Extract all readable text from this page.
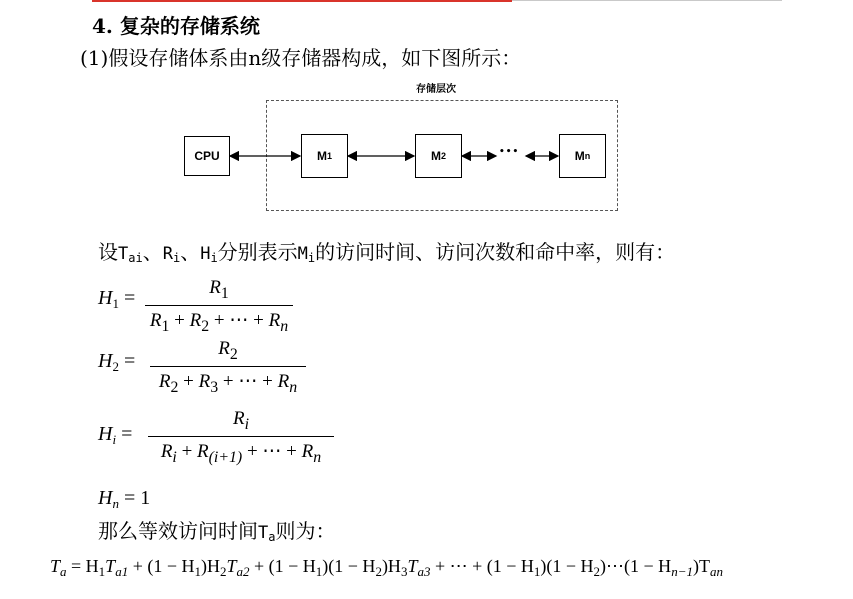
4. 复杂的存储系统
(1)假设存储体系由n级存储器构成，如下图所示：
存储层次
CPU	M 1	M 2	•••	M n
设$T_{ai}$、$R_i$、$H_i$分别表示$M_i$的访问时间、访问次数和命中率，则有：
$H_1 = \frac{R_1}{R_1 + R_2 + \cdots + R_n}$
$H_2 = \frac{R_2}{R_2 + R_3 + \cdots + R_n}$
$H_i = \frac{R_i}{R_i + R_{(i+1)} + \cdots + R_n}$
$H_n = 1$
那么等效访问时间$T_a$则为：
$T_a = H_1T_{a1} + (1 - H_1)H_2T_{a2} + (1 - H_1)(1 - H_2)H_3T_{a3}$ + ⋯ + $(1 - H_1)(1$ − $H_2)\cdots(1 - H_{n-1})T_{an}$
